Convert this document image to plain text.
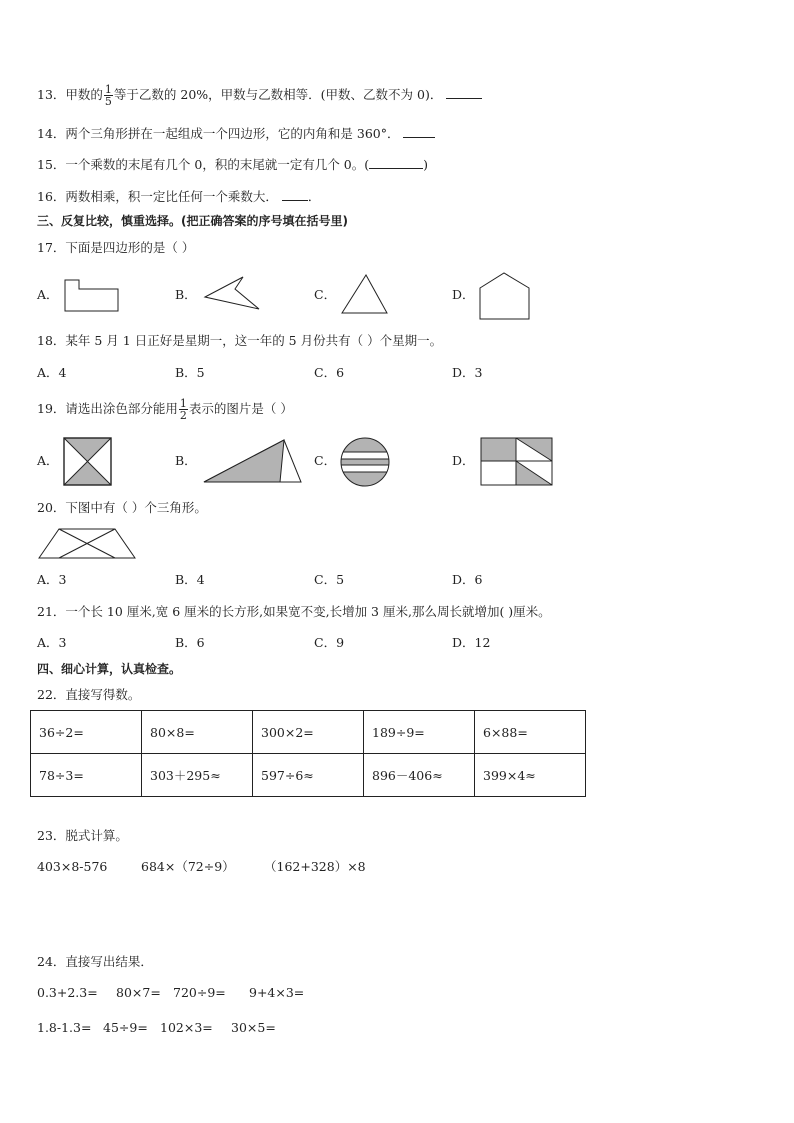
13．甲数的 $\frac{1}{5}$ 等于乙数的 20%，甲数与乙数相等．(甲数、乙数不为 0)．
14．两个三角形拼在一起组成一个四边形，它的内角和是 360°．
15．一个乘数的末尾有几个 0，积的末尾就一定有几个 0。(	)
16．两数相乘，积一定比任何一个乘数大． ．
三、反复比较，慎重选择。(把正确答案的序号填在括号里)
17．下面是四边形的是（ ）
A．	B．	C．	D．
18．某年 5 月 1 日正好是星期一，这一年的 5 月份共有（ ）个星期一。
A．4	B．5	C．6	D．3
19．请选出涂色部分能用 $\frac{1}{2}$ 表示的图片是（ ）
A．	B．	C．	D．
20．下图中有（ ）个三角形。
A．3	B．4	C．5	D．6
21．一个长 10 厘米,宽 6 厘米的长方形,如果宽不变,长增加 3 厘米,那么周长就增加( )厘米。
A．3	B．6	C．9	D．12
四、细心计算，认真检查。
22．直接写得数。
36÷2=	80×8=	300×2=	189÷9=	6×88=
78÷3=	303＋295≈	597÷6≈	896－406≈	399×4≈
23．脱式计算。
403×8-576	684×（72÷9） （162+328）×8
24．直接写出结果．
0.3+2.3= 80×7= 720÷9= 9+4×3=
1.8-1.3= 45÷9= 102×3= 30×5=
